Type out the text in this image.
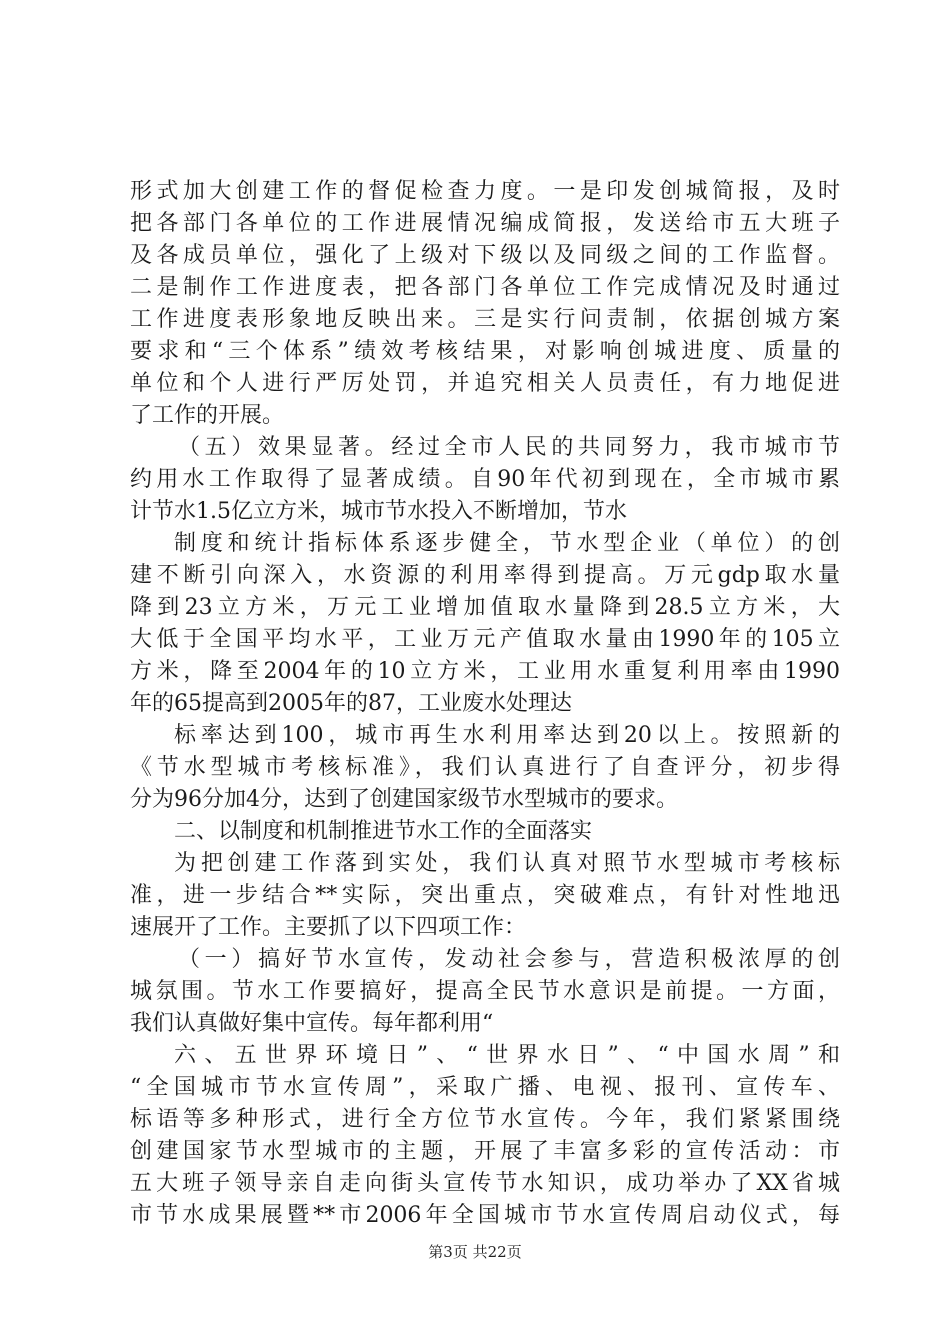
形式加大创建工作的督促检查力度。一是印发创城简报，及时
把各部门各单位的工作进展情况编成简报，发送给市五大班子
及各成员单位，强化了上级对下级以及同级之间的工作监督。
二是制作工作进度表，把各部门各单位工作完成情况及时通过
工作进度表形象地反映出来。三是实行问责制，依据创城方案
要求和“三个体系”绩效考核结果，对影响创城进度、质量的
单位和个人进行严厉处罚，并追究相关人员责任，有力地促进
了工作的开展。
（五）效果显著。经过全市人民的共同努力，我市城市节
约用水工作取得了显著成绩。自90年代初到现在，全市城市累
计节水1.5亿立方米，城市节水投入不断增加，节水
制度和统计指标体系逐步健全，节水型企业（单位）的创
建不断引向深入，水资源的利用率得到提高。万元gdp取水量
降到23立方米，万元工业增加值取水量降到28.5立方米，大
大低于全国平均水平，工业万元产值取水量由1990年的105立
方米，降至2004年的10立方米，工业用水重复利用率由1990
年的65提高到2005年的87，工业废水处理达
标率达到100，城市再生水利用率达到20以上。按照新的
《节水型城市考核标准》，我们认真进行了自查评分，初步得
分为96分加4分，达到了创建国家级节水型城市的要求。
二、以制度和机制推进节水工作的全面落实
为把创建工作落到实处，我们认真对照节水型城市考核标
准，进一步结合**实际，突出重点，突破难点，有针对性地迅
速展开了工作。主要抓了以下四项工作：
（一）搞好节水宣传，发动社会参与，营造积极浓厚的创
城氛围。节水工作要搞好，提高全民节水意识是前提。一方面，
我们认真做好集中宣传。每年都利用“
六、五世界环境日”、“世界水日”、“中国水周”和
“全国城市节水宣传周”，采取广播、电视、报刊、宣传车、
标语等多种形式，进行全方位节水宣传。今年，我们紧紧围绕
创建国家节水型城市的主题，开展了丰富多彩的宣传活动：市
五大班子领导亲自走向街头宣传节水知识，成功举办了XX省城
市节水成果展暨**市2006年全国城市节水宣传周启动仪式，每
第3页 共22页
